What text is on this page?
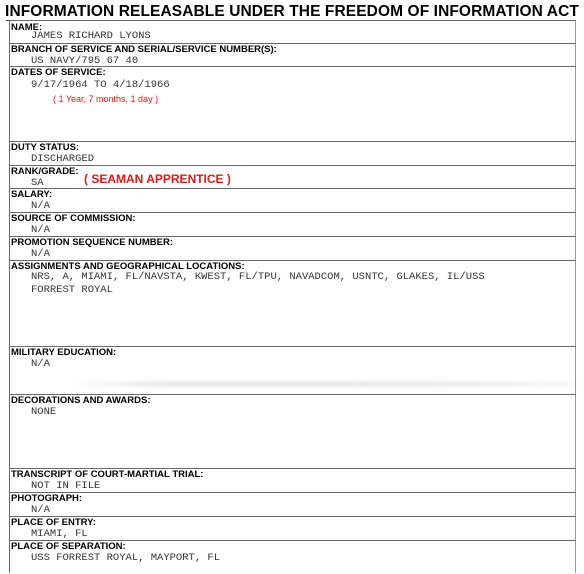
INFORMATION RELEASABLE UNDER THE FREEDOM OF INFORMATION ACT
NAME:
JAMES RICHARD LYONS
BRANCH OF SERVICE AND SERIAL/SERVICE NUMBER(S):
US NAVY/795 67 40
DATES OF SERVICE:
9/17/1964 TO 4/18/1966
( 1 Year, 7 months, 1 day )
DUTY STATUS:
DISCHARGED
RANK/GRADE:
SA	( SEAMAN APPRENTICE )
SALARY:
N/A
SOURCE OF COMMISSION:
N/A
PROMOTION SEQUENCE NUMBER:
N/A
ASSIGNMENTS AND GEOGRAPHICAL LOCATIONS:
NRS, A, MIAMI, FL/NAVSTA, KWEST, FL/TPU, NAVADCOM, USNTC, GLAKES, IL/USS
FORREST ROYAL
MILITARY EDUCATION:
N/A
DECORATIONS AND AWARDS:
NONE
TRANSCRIPT OF COURT-MARTIAL TRIAL:
NOT IN FILE
PHOTOGRAPH:
N/A
PLACE OF ENTRY:
MIAMI, FL
PLACE OF SEPARATION:
USS FORREST ROYAL, MAYPORT, FL
